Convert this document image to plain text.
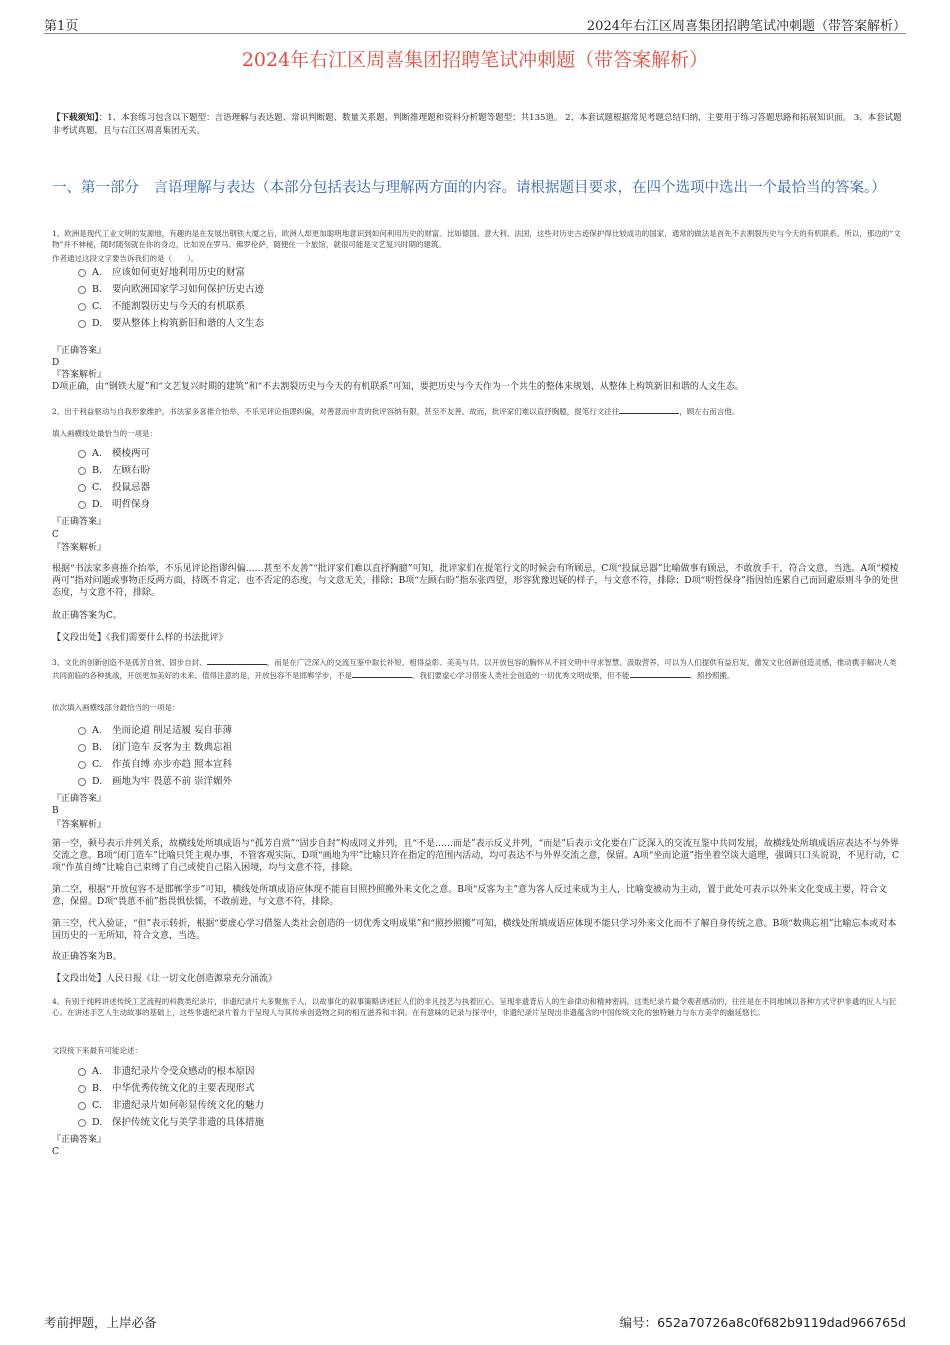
第1页	2024年右江区周喜集团招聘笔试冲刺题（带答案解析）
2024年右江区周喜集团招聘笔试冲刺题（带答案解析）
【下载须知】：1、本套练习包含以下题型：言语理解与表达题、常识判断题、数量关系题、判断推理题和资料分析题等题型；共135道。 2、本套试题根据常见考题总结归纳，主要用于练习答题思路和拓展知识面。 3、本套试题非考试真题，且与右江区周喜集团无关。
一、第一部分　言语理解与表达（本部分包括表达与理解两方面的内容。请根据题目要求，在四个选项中选出一个最恰当的答案。）
1、欧洲是现代工业文明的发源地，有趣的是在发展出钢铁大厦之后，欧洲人却更加聪明地意识到如何利用历史的财富。比如德国、意大利、法国，这些对历史古迹保护得比较成功的国家，通常的做法是首先不去割裂历史与今天的有机联系。所以，那边的“文物”并不神秘，随时随刻就在你的身边，比如说在罗马、佛罗伦萨，随便住一个旅馆，就很可能是文艺复兴时期的建筑。
作者通过这段文字要告诉我们的是（　　）。
A. 应该如何更好地利用历史的财富
B. 要向欧洲国家学习如何保护历史古迹
C. 不能割裂历史与今天的有机联系
D. 要从整体上构筑新旧和谐的人文生态
『正确答案』
D
『答案解析』
D项正确，由“钢铁大厦”和“文艺复兴时期的建筑”和“不去割裂历史与今天的有机联系”可知，要把历史与今天作为一个共生的整体来规划，从整体上构筑新旧和谐的人文生态。
2、出于利益驱动与自我形象维护，书法家多喜推介抬举，不乐见评论指谬纠偏，对善意而中肯的批评容纳有限，甚至不友善。故而，批评家们难以直抒胸臆，提笔行文往往	，顾左右而言他。
填入画横线处最恰当的一项是：
A. 模棱两可
B. 左顾右盼
C. 投鼠忌器
D. 明哲保身
『正确答案』
C
『答案解析』
根据“书法家多喜推介抬举，不乐见评论指谬纠偏……甚至不友善”“批评家们难以直抒胸臆”可知，批评家们在提笔行文的时候会有所顾忌，C项“投鼠忌器”比喻做事有顾忌，不敢放手干，符合文意，当选。A项“模棱两可”指对问题或事物正反两方面，持既不肯定、也不否定的态度，与文意无关，排除；B项“左顾右盼”指东张西望，形容犹豫迟疑的样子，与文意不符，排除；D项“明哲保身”指因怕连累自己而回避原则斗争的处世态度，与文意不符，排除。
故正确答案为C。
【文段出处】《我们需要什么样的书法批评》
3、文化的创新创造不是孤芳自赏、固步自封、	，而是在广泛深入的交流互鉴中取长补短、相得益彰、美美与共。以开放包容的胸怀从不同文明中寻求智慧、汲取营养，可以为人们提供有益启发，激发文化创新创造灵感，推动携手解决人类共同面临的各种挑战，开创更加美好的未来。值得注意的是，开放包容不是邯郸学步，不是	。我们要虚心学习借鉴人类社会创造的一切优秀文明成果，但不能	、照抄照搬。
依次填入画横线部分最恰当的一项是：
A. 坐而论道 削足适履 妄自菲薄
B. 闭门造车 反客为主 数典忘祖
C. 作茧自缚 亦步亦趋 照本宣科
D. 画地为牢 畏葸不前 崇洋媚外
『正确答案』
B
『答案解析』
第一空，顿号表示并列关系，故横线处所填成语与“孤芳自赏”“固步自封”构成同义并列，且“不是……而是”表示反义并列，“而是”后表示文化要在广泛深入的交流互鉴中共同发展，故横线处所填成语应表达不与外界交流之意。B项“闭门造车”比喻只凭主观办事，不管客观实际，D项“画地为牢”比喻只许在指定的范围内活动，均可表达不与外界交流之意，保留。A项“坐而论道”指坐着空谈大道理，强调只口头说说，不见行动，C项“作茧自缚”比喻自己束缚了自己或使自己陷入困境，均与文意不符，排除。
第二空，根据“开放包容不是邯郸学步”可知，横线处所填成语应体现不能盲目照抄照搬外来文化之意。B项“反客为主”意为客人反过来成为主人，比喻变被动为主动，置于此处可表示以外来文化变成主要，符合文意，保留。D项“畏葸不前”指畏惧怯懦，不敢前进，与文意不符，排除。
第三空，代入验证，“但”表示转折，根据“要虚心学习借鉴人类社会创造的一切优秀文明成果”和“照抄照搬”可知，横线处所填成语应体现不能只学习外来文化而不了解自身传统之意。B项“数典忘祖”比喻忘本或对本国历史的一无所知，符合文意，当选。
故正确答案为B。
【文段出处】人民日报《让一切文化创造源泉充分涌流》
4、有别于纯粹讲述传统工艺流程的科教类纪录片，非遗纪录片大多聚焦于人，以故事化的叙事策略讲述匠人们的非凡技艺与执着匠心，呈现非遗背后人的生命律动和精神密码。这类纪录片最令观者感动的，往往是在不同地域以各种方式守护非遗的匠人与匠心。在讲述手艺人生动故事的基础上，这些非遗纪录片着力于呈现人与其传承创造物之间的相互滋养和丰润。在有意味的记录与探寻中，非遗纪录片呈现出非遗蕴含的中国传统文化的独特魅力与东方美学的幽延悠长。
文段接下来最有可能论述：
A. 非遗纪录片令受众感动的根本原因
B. 中华优秀传统文化的主要表现形式
C. 非遗纪录片如何彰显传统文化的魅力
D. 保护传统文化与美学非遗的具体措施
『正确答案』
C
考前押题，上岸必备	编号：652a70726a8c0f682b9119dad966765d
